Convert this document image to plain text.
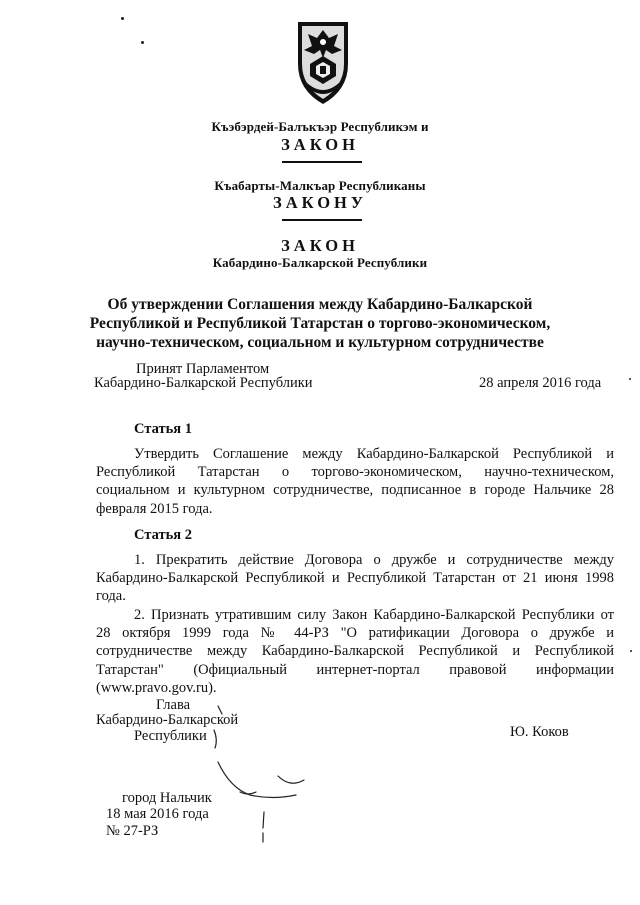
Къэбэрдей-Балъкъэр Республикэм и
ЗАКОН
Къабарты-Малкъар Республиканы
ЗАКОНУ
ЗАКОН
Кабардино-Балкарской Республики
Об утверждении Соглашения между Кабардино-Балкарской
Республикой и Республикой Татарстан о торгово-экономическом,
научно-техническом, социальном и культурном сотрудничестве
Принят Парламентом
Кабардино-Балкарской Республики	28 апреля 2016 года
Статья 1
Утвердить Соглашение между Кабардино-Балкарской Республикой и Республикой Татарстан о торгово-экономическом, научно-техническом, социальном и культурном сотрудничестве, подписанное в городе Нальчике 28 февраля 2015 года.
Статья 2
1. Прекратить действие Договора о дружбе и сотрудничестве между Кабардино-Балкарской Республикой и Республикой Татарстан от 21 июня 1998 года.
2. Признать утратившим силу Закон Кабардино-Балкарской Республики от 28 октября 1999 года № 44-РЗ "О ратификации Договора о дружбе и сотрудничестве между Кабардино-Балкарской Республикой и Республикой Татарстан" (Официальный интернет-портал правовой информации (www.pravo.gov.ru).
Глава
Кабардино-Балкарской
Республики	Ю. Коков
город Нальчик
18 мая 2016 года
№ 27-РЗ
